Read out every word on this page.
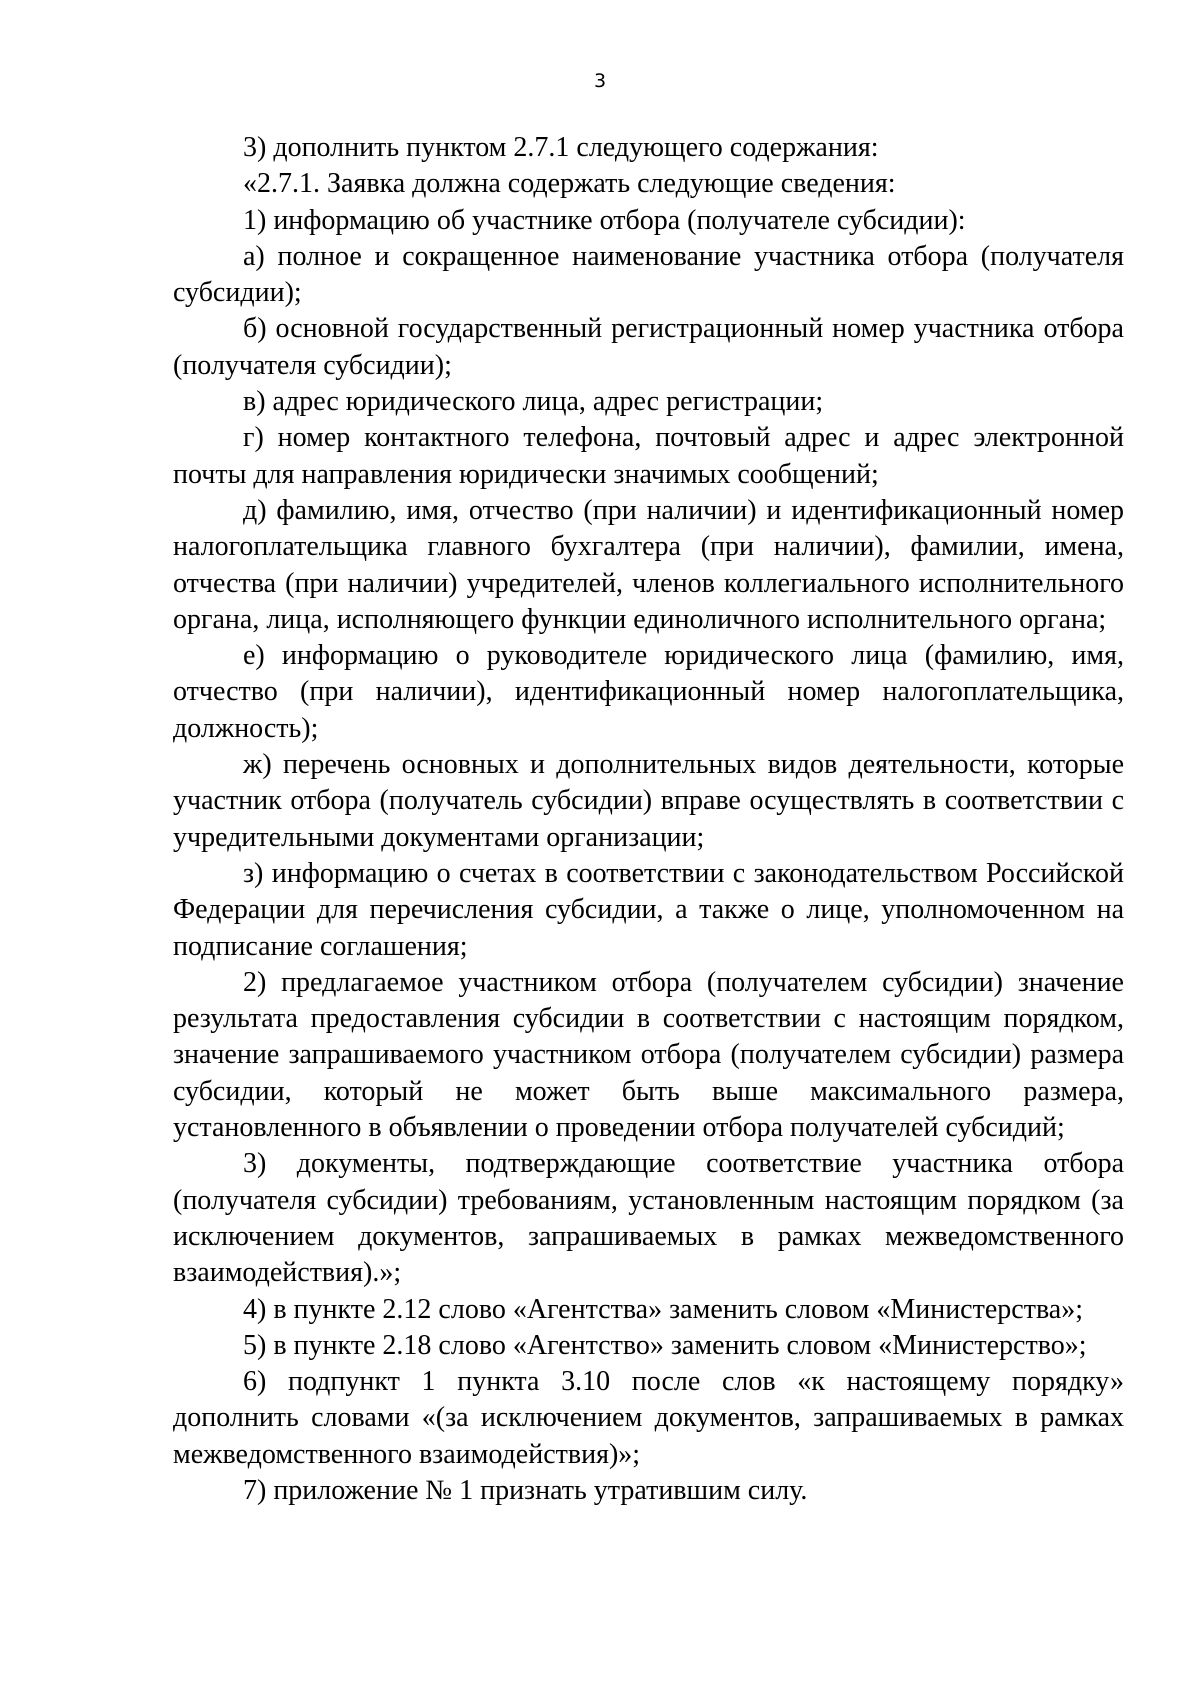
3

3) дополнить пунктом 2.7.1 следующего содержания:

«2.7.1. Заявка должна содержать следующие сведения:

1) информацию об участнике отбора (получателе субсидии):

а) полное и сокращенное наименование участника отбора (получателя субсидии);

б) основной государственный регистрационный номер участника отбора (получателя субсидии);

в) адрес юридического лица, адрес регистрации;

г) номер контактного телефона, почтовый адрес и адрес электронной почты для направления юридически значимых сообщений;

д) фамилию, имя, отчество (при наличии) и идентификационный номер налогоплательщика главного бухгалтера (при наличии), фамилии, имена, отчества (при наличии) учредителей, членов коллегиального исполнительного органа, лица, исполняющего функции единоличного исполнительного органа;

е) информацию о руководителе юридического лица (фамилию, имя, отчество (при наличии), идентификационный номер налогоплательщика, должность);

ж) перечень основных и дополнительных видов деятельности, которые участник отбора (получатель субсидии) вправе осуществлять в соответствии с учредительными документами организации;

з) информацию о счетах в соответствии с законодательством Российской Федерации для перечисления субсидии, а также о лице, уполномоченном на подписание соглашения;

2) предлагаемое участником отбора (получателем субсидии) значение результата предоставления субсидии в соответствии с настоящим порядком, значение запрашиваемого участником отбора (получателем субсидии) размера субсидии, который не может быть выше максимального размера, установленного в объявлении о проведении отбора получателей субсидий;

3) документы, подтверждающие соответствие участника отбора (получателя субсидии) требованиям, установленным настоящим порядком (за исключением документов, запрашиваемых в рамках межведомственного взаимодействия).»;

4) в пункте 2.12 слово «Агентства» заменить словом «Министерства»;

5) в пункте 2.18 слово «Агентство» заменить словом «Министерство»;

6) подпункт 1 пункта 3.10 после слов «к настоящему порядку» дополнить словами «(за исключением документов, запрашиваемых в рамках межведомственного взаимодействия)»;

7) приложение № 1 признать утратившим силу.
